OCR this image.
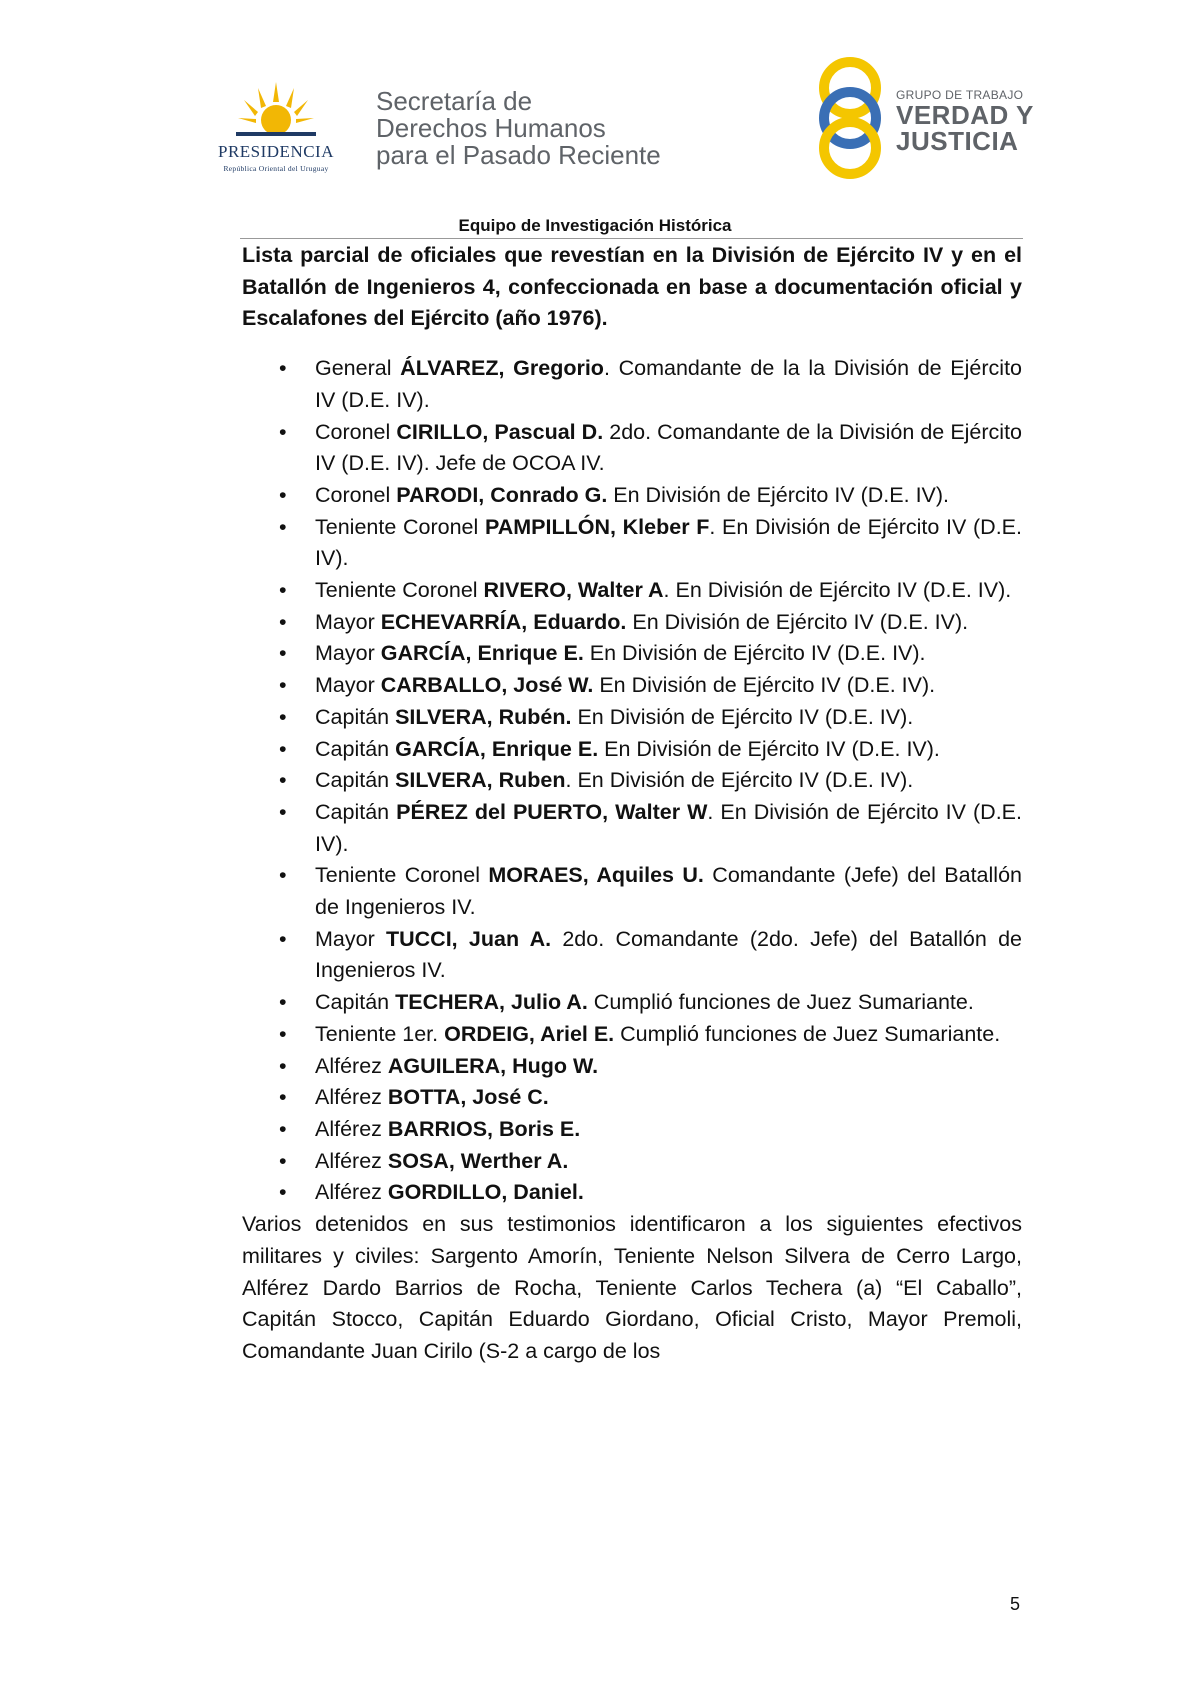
PRESIDENCIA
República Oriental del Uruguay
Secretaría de
Derechos Humanos
para el Pasado Reciente
GRUPO DE TRABAJO
VERDAD Y
JUSTICIA
Equipo de Investigación Histórica

Lista parcial de oficiales que revestían en la División de Ejército IV y en el Batallón de Ingenieros 4, confeccionada en base a documentación oficial y Escalafones del Ejército (año 1976).

• General ÁLVAREZ, Gregorio. Comandante de la la División de Ejército IV (D.E. IV).
• Coronel CIRILLO, Pascual D. 2do. Comandante de la División de Ejército IV (D.E. IV). Jefe de OCOA IV.
• Coronel PARODI, Conrado G. En División de Ejército IV (D.E. IV).
• Teniente Coronel PAMPILLÓN, Kleber F. En División de Ejército IV (D.E. IV).
• Teniente Coronel RIVERO, Walter A. En División de Ejército IV (D.E. IV).
• Mayor ECHEVARRÍA, Eduardo. En División de Ejército IV (D.E. IV).
• Mayor GARCÍA, Enrique E. En División de Ejército IV (D.E. IV).
• Mayor CARBALLO, José W. En División de Ejército IV (D.E. IV).
• Capitán SILVERA, Rubén. En División de Ejército IV (D.E. IV).
• Capitán GARCÍA, Enrique E. En División de Ejército IV (D.E. IV).
• Capitán SILVERA, Ruben. En División de Ejército IV (D.E. IV).
• Capitán PÉREZ del PUERTO, Walter W. En División de Ejército IV (D.E. IV).
• Teniente Coronel MORAES, Aquiles U. Comandante (Jefe) del Batallón de Ingenieros IV.
• Mayor TUCCI, Juan A. 2do. Comandante (2do. Jefe) del Batallón de Ingenieros IV.
• Capitán TECHERA, Julio A. Cumplió funciones de Juez Sumariante.
• Teniente 1er. ORDEIG, Ariel E. Cumplió funciones de Juez Sumariante.
• Alférez AGUILERA, Hugo W.
• Alférez BOTTA, José C.
• Alférez BARRIOS, Boris E.
• Alférez SOSA, Werther A.
• Alférez GORDILLO, Daniel.

Varios detenidos en sus testimonios identificaron a los siguientes efectivos militares y civiles: Sargento Amorín, Teniente Nelson Silvera de Cerro Largo, Alférez Dardo Barrios de Rocha, Teniente Carlos Techera (a) “El Caballo”, Capitán Stocco, Capitán Eduardo Giordano, Oficial Cristo, Mayor Premoli, Comandante Juan Cirilo (S-2 a cargo de los

5
